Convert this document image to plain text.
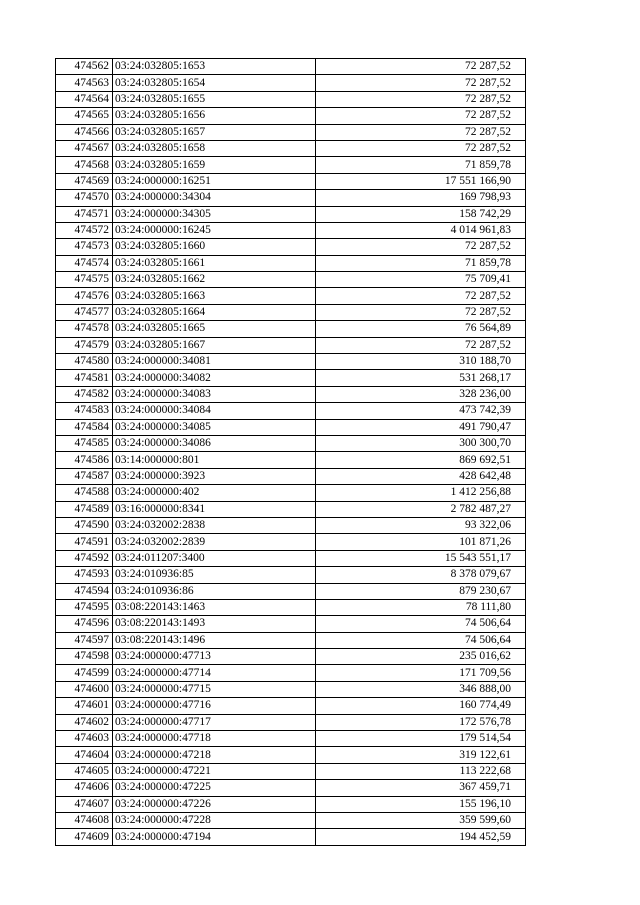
474562	03:24:032805:1653	72 287,52
474563	03:24:032805:1654	72 287,52
474564	03:24:032805:1655	72 287,52
474565	03:24:032805:1656	72 287,52
474566	03:24:032805:1657	72 287,52
474567	03:24:032805:1658	72 287,52
474568	03:24:032805:1659	71 859,78
474569	03:24:000000:16251	17 551 166,90
474570	03:24:000000:34304	169 798,93
474571	03:24:000000:34305	158 742,29
474572	03:24:000000:16245	4 014 961,83
474573	03:24:032805:1660	72 287,52
474574	03:24:032805:1661	71 859,78
474575	03:24:032805:1662	75 709,41
474576	03:24:032805:1663	72 287,52
474577	03:24:032805:1664	72 287,52
474578	03:24:032805:1665	76 564,89
474579	03:24:032805:1667	72 287,52
474580	03:24:000000:34081	310 188,70
474581	03:24:000000:34082	531 268,17
474582	03:24:000000:34083	328 236,00
474583	03:24:000000:34084	473 742,39
474584	03:24:000000:34085	491 790,47
474585	03:24:000000:34086	300 300,70
474586	03:14:000000:801	869 692,51
474587	03:24:000000:3923	428 642,48
474588	03:24:000000:402	1 412 256,88
474589	03:16:000000:8341	2 782 487,27
474590	03:24:032002:2838	93 322,06
474591	03:24:032002:2839	101 871,26
474592	03:24:011207:3400	15 543 551,17
474593	03:24:010936:85	8 378 079,67
474594	03:24:010936:86	879 230,67
474595	03:08:220143:1463	78 111,80
474596	03:08:220143:1493	74 506,64
474597	03:08:220143:1496	74 506,64
474598	03:24:000000:47713	235 016,62
474599	03:24:000000:47714	171 709,56
474600	03:24:000000:47715	346 888,00
474601	03:24:000000:47716	160 774,49
474602	03:24:000000:47717	172 576,78
474603	03:24:000000:47718	179 514,54
474604	03:24:000000:47218	319 122,61
474605	03:24:000000:47221	113 222,68
474606	03:24:000000:47225	367 459,71
474607	03:24:000000:47226	155 196,10
474608	03:24:000000:47228	359 599,60
474609	03:24:000000:47194	194 452,59
